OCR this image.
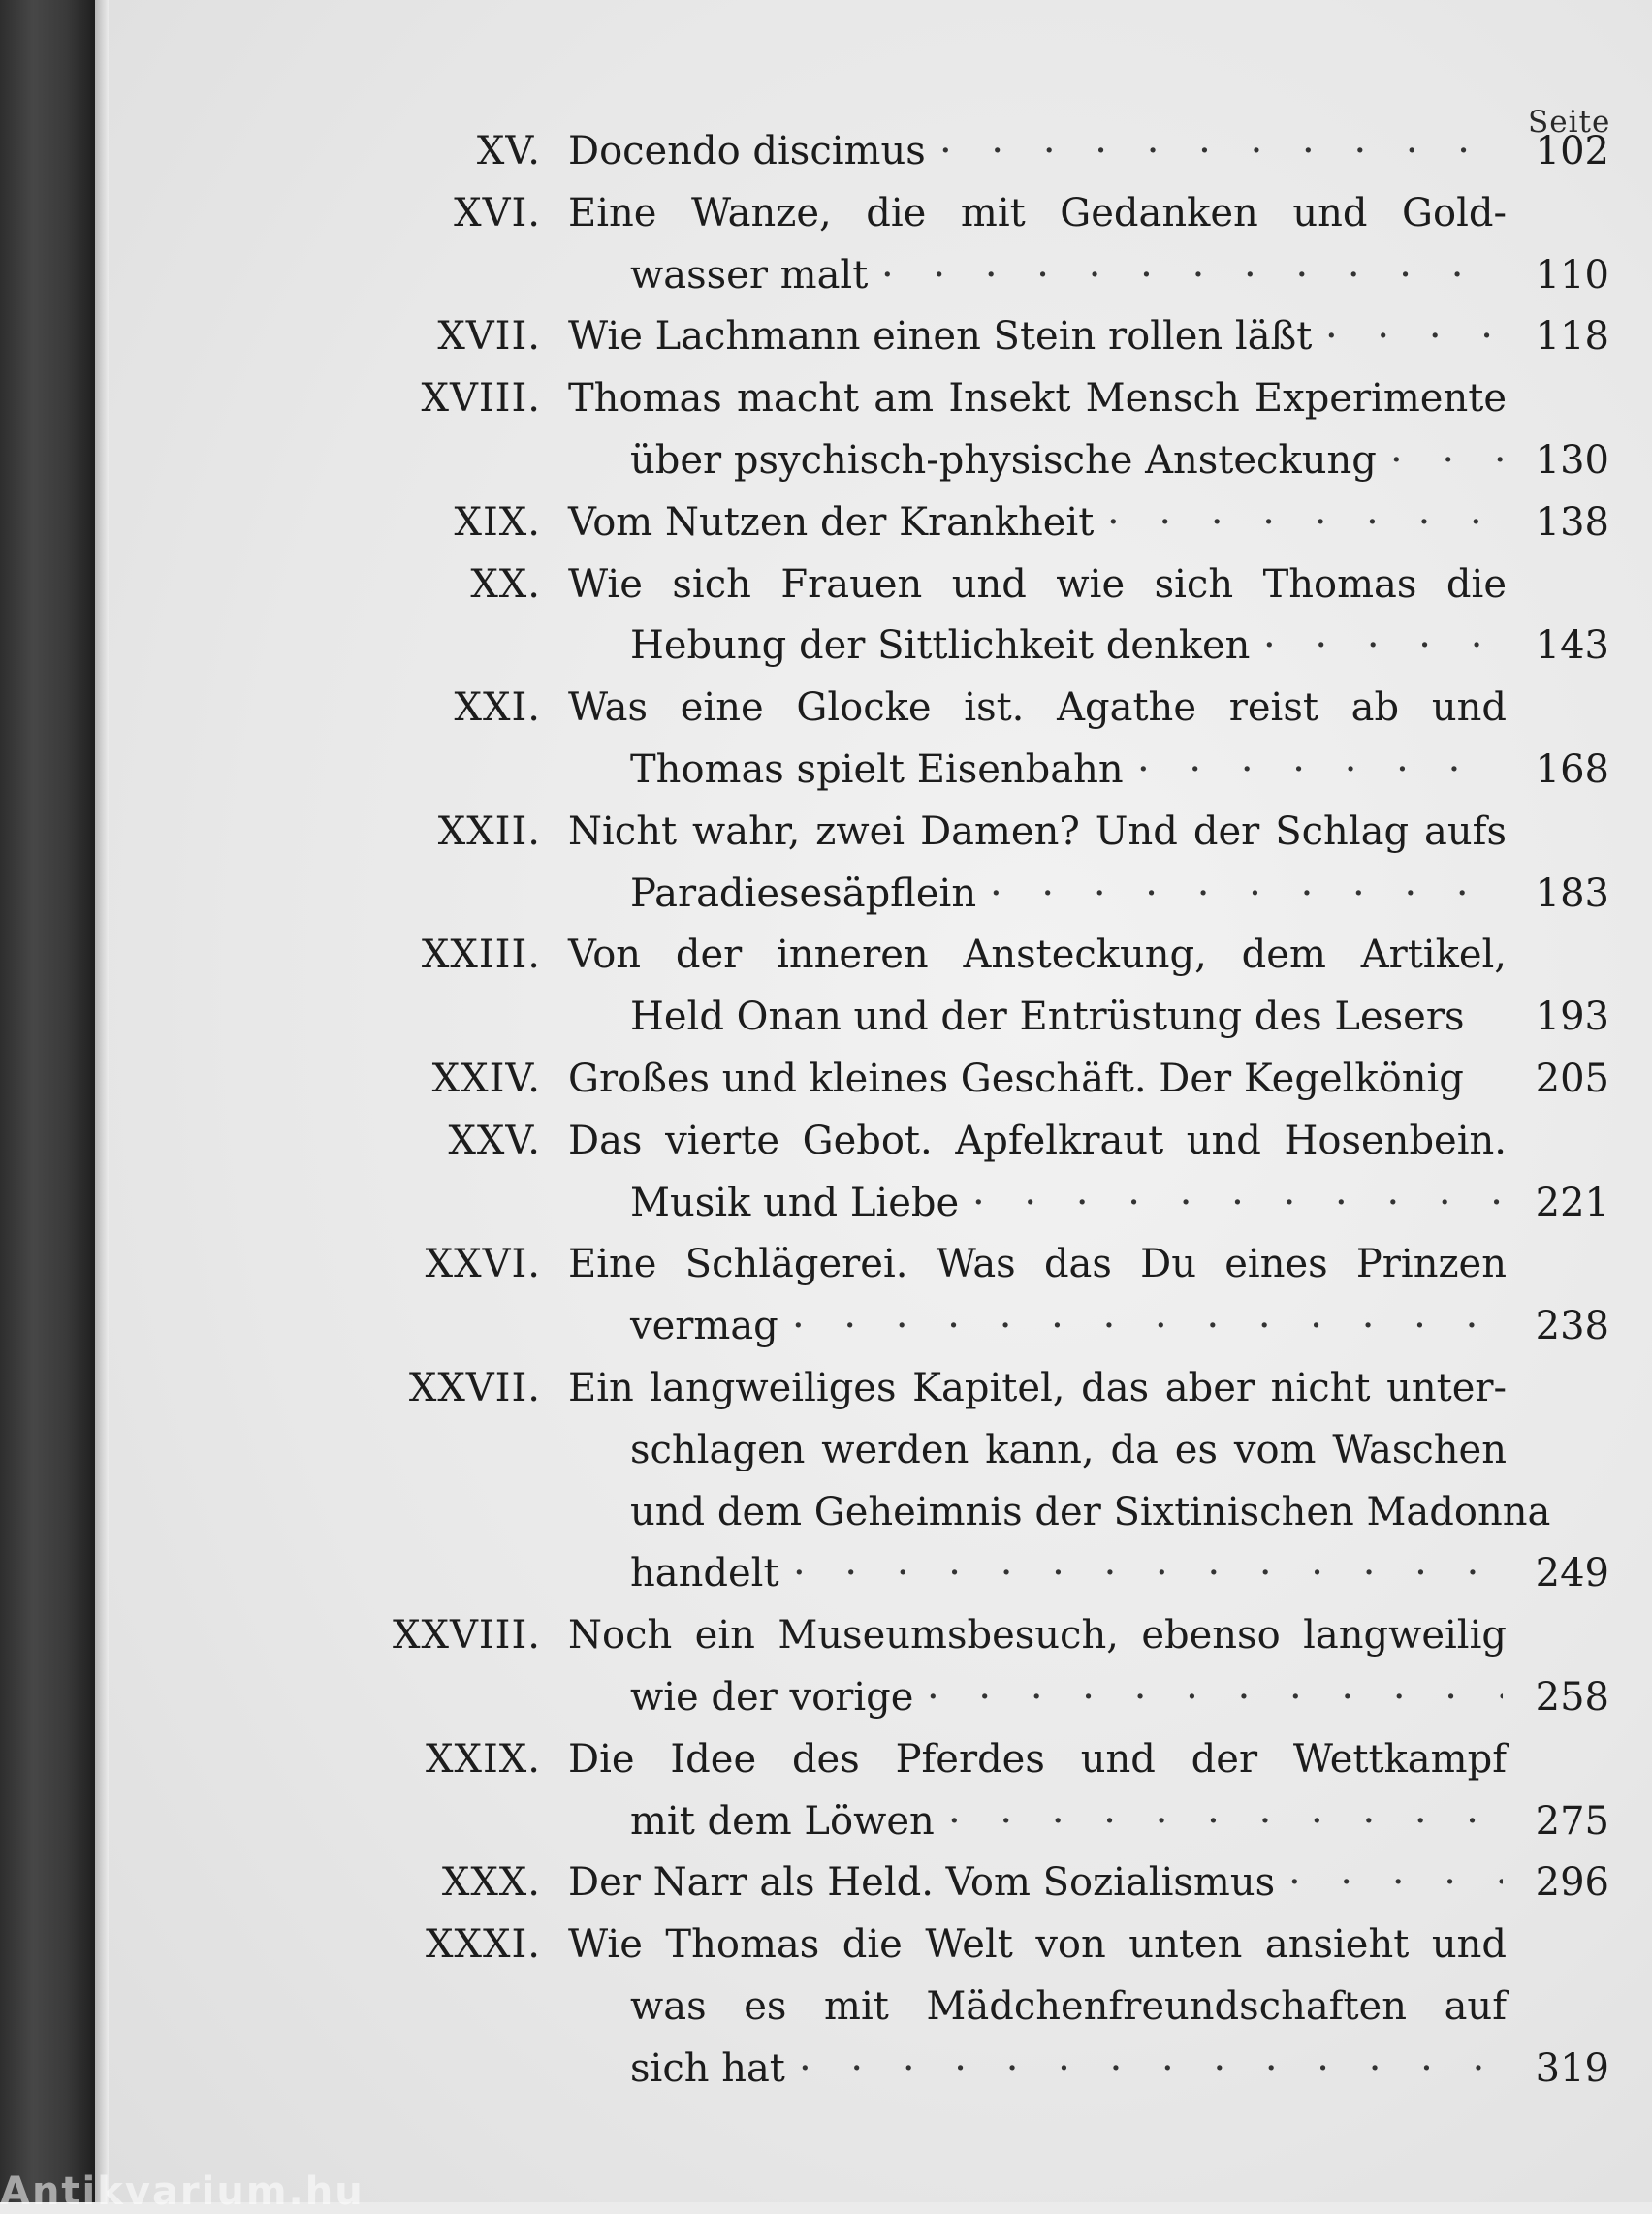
Seite
XV. Docendo discimus	102
· · ·
XVI. Eine Wanze, die mit Gedanken und Gold-
wasser malt	110
· · ·
XVII. Wie Lachmann einen Stein rollen läßt	118
· · ·
XVIII. Thomas macht am Insekt Mensch Experimente
über psychisch-physische Ansteckung	130
· · ·
XIX. Vom Nutzen der Krankheit	138
· · ·
XX. Wie sich Frauen und wie sich Thomas die
Hebung der Sittlichkeit denken	143
· · ·
XXI. Was eine Glocke ist. Agathe reist ab und
Thomas spielt Eisenbahn	168
· · ·
XXII. Nicht wahr, zwei Damen? Und der Schlag aufs
Paradiesesäpflein	183
· · ·
XXIII. Von der inneren Ansteckung, dem Artikel,
Held Onan und der Entrüstung des Lesers 193
XXIV. Großes und kleines Geschäft. Der Kegelkönig 205
XXV. Das vierte Gebot. Apfelkraut und Hosenbein.
Musik und Liebe	221
· · ·
XXVI. Eine Schlägerei. Was das Du eines Prinzen
vermag	238
· · ·
XXVII. Ein langweiliges Kapitel, das aber nicht unter-
schlagen werden kann, da es vom Waschen
und dem Geheimnis der Sixtinischen Madonna
handelt	249
· · ·
XXVIII. Noch ein Museumsbesuch, ebenso langweilig
wie der vorige	258
· · ·
XXIX. Die Idee des Pferdes und der Wettkampf
mit dem Löwen	275
· · ·
XXX. Der Narr als Held. Vom Sozialismus	296
· · ·
XXXI. Wie Thomas die Welt von unten ansieht und
was es mit Mädchenfreundschaften auf
sich hat	319
· · ·
Antikvarium.hu
